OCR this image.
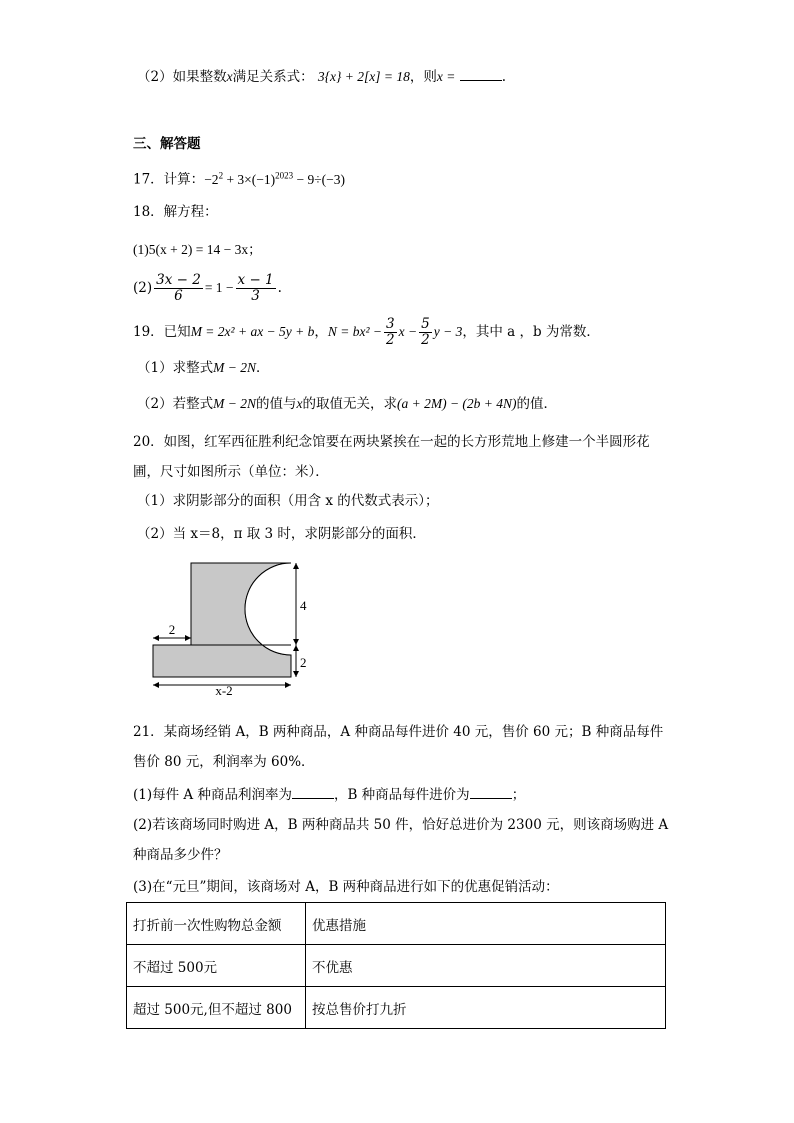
（2）如果整数x满足关系式： 3{x} + 2[x] = 18，则x =	.
三、解答题
17．计算：$-2^2 + 3\times(-1)^{2023} - 9\div(-3)$
18．解方程：
(1)5(x + 2) = 14 − 3x；
$(2) \frac{3x - 2}{6} = 1 - \frac{x - 1}{3}$ .
19．已知M = 2x² + ax − 5y + b，$N = bx^2 - \frac{3}{2}$ $x - \frac{5}{2}$ y − 3，其中 a ，b 为常数．
（1）求整式M − 2N．
（2）若整式M − 2N的值与x的取值无关，求(a + 2M) − (2b + 4N)的值．
20．如图，红军西征胜利纪念馆要在两块紧挨在一起的长方形荒地上修建一个半圆形花
圃，尺寸如图所示（单位：米）．
（1）求阴影部分的面积（用含 x 的代数式表示）；
（2）当 x＝8，π 取 3 时，求阴影部分的面积．
2
4
2
x-2
21．某商场经销 A，B 两种商品，A 种商品每件进价 40 元，售价 60 元；B 种商品每件
售价 80 元，利润率为 60%．
(1)每件 A 种商品利润率为	，B 种商品每件进价为	；
(2)若该商场同时购进 A，B 两种商品共 50 件，恰好总进价为 2300 元，则该商场购进 A
种商品多少件？
(3)在“元旦”期间，该商场对 A，B 两种商品进行如下的优惠促销活动：
打折前一次性购物总金额	优惠措施
不超过 500元	不优惠
超过 500元,但不超过 800	按总售价打九折
